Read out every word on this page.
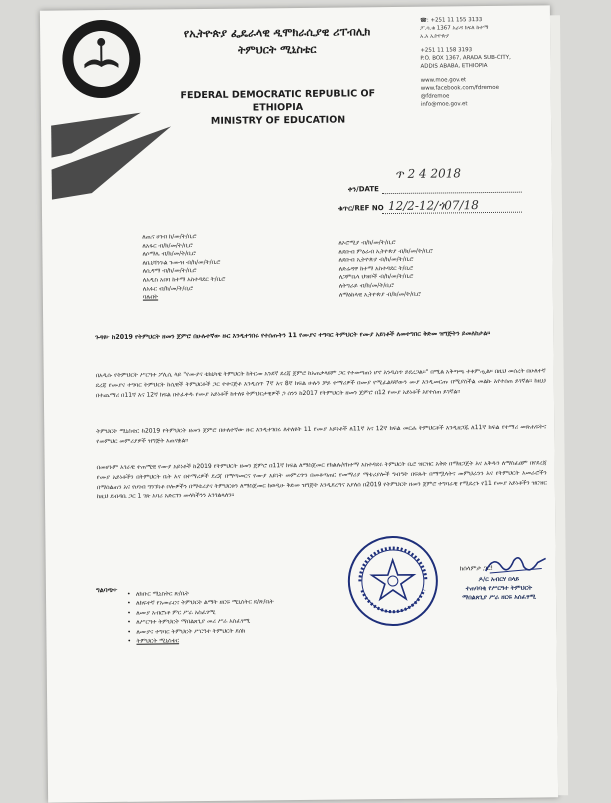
የኢትዮጵያ ፌዴራላዊ ዲሞክራሲያዊ ሪፐብሊክ
ትምህርት ሚኒስቴር
FEDERAL DEMOCRATIC REPUBLIC OF ETHIOPIA
MINISTRY OF EDUCATION
☎: +251 11 155 3133
ፖ.ሳ.ቁ 1367 አራዳ ክፍለ ከተማ
አ.አ ኢትዮጵያ
+251 11 158 3193
P.O. BOX 1367, ARADA SUB-CITY,
ADDIS ABABA, ETHIOPIA
www.moe.gov.et
www.facebook.com/fdremoe
@fdremoe
info@moe.gov.et
ጥ 2 4 2018
ቀን/DATE
12/2-12/ጎ07/18
ቁጥር/REF NO
ለጤና ሀገብ ከ/መ/ት/ቢሮ
ለአፋር ብ/ክ/መ/ት/ቢሮ
ለሶማሌ ብ/ክ/መ/ት/ቢሮ
ለቤኒሻንጉል ጉሙዝ ብ/ክ/መ/ት/ቢሮ
ለሲዳማ ብ/ክ/መ/ት/ቢሮ
ለአዲስ አበባ ከተማ አስተዳደር ት/ቢሮ
ለአፋር ብ/ክ/መ/ት/ቢሮ
ባሉበት
ለኦሮሚያ ብ/ክ/መ/ት/ቢሮ
ለደቡብ ምዕራብ ኢትዮጵያ ብ/ክ/መ/ት/ቢሮ
ለደቡብ ኢትዮጵያ ብ/ክ/መ/ት/ቢሮ
ለድሬዳዋ ከተማ አስተዳደር ት/ቢሮ
ለጋምቤላ ህዝቦች ብ/ክ/መ/ት/ቢሮ
ለትግራይ ብ/ክ/መ/ት/ቢሮ
ለማዕከላዊ ኢትዮጵያ ብ/ክ/መ/ት/ቢሮ
ጉዳዩ፦ ከ2019 የትምህርት ዘመን ጀምሮ በሁሉተኛው ዙር እንዲተገበሩ የተሰጡትን 11 የሙያና ተግባር ትምህርት የሙያ አይነቶች ለመተግበር ቅድመ ዝግጅትን ይመለከታል።
በአዲሱ የትምህርት ሥርዓተ ፖሊሲ ላይ "የሙያና ቴክኒካዊ ትምህርት ከትርመ አንደኛ ደረጃ ጀምሮ ከአጠቃላዩም ጋር የተመጣጠነ ሆኖ እንዲሰጥ ይደረጋል።" በሚል አቅጣጫ ተቀምጧል። በዚህ መሰረት በሁለተኛ ደረጃ የሙያና ተግባር ትምህርት ከሲዊች ትምህርቶች ጋር ተቀናጅቶ እንዲሰጥ 7ኛ እና 8ኛ ክፍል ሁሉን ቻይ ተማሪዎች በሙያ የሚፈልጓቸውን ሙያ እንዲመርጡ በሚያስችል መልኩ እየተሰጠ ይገኛል። ከዚህ በተጨማሪ በ11ኛ እና 12ኛ ክፍል በተፈቀዱ የሙያ አይነቶች ከተለዩ ትምህርታዊዎች ጋ ሰንን ከ2017 የትምህርት ዘመን ጀምሮ በ12 የሙያ አይነቶች እየተሰጠ ይገኛል።
ትምህርት ሚኒስቴር ከ2019 የትምህርት ዘመን ጀምሮ በሁለተኛው ዙር እንዲተገበሩ ለተለዩት 11 የሙያ አይነቶች ለ11ኛ እና 12ኛ ክፍል መርሐ ትምህርቶች እንዲዘጋጁ ለ11ኛ ክፍል የተማሪ መጽሐፍትና የመምህር መምሪያዎች ዝግጅት አጠናቋል።
በመሆኑም አገራዊ ተጠሚዊ የሙያ አይነቶች ከ2019 የትምህርት ዘመን ጀምሮ በ11ኛ ክፍል ለማስጀመር የክልሉ/የከተማ አስተዳደሩ ትምህርት ቢሮ ዝርዝር እቅድ በማዘጋጀት እና አቅዱን ለማስፈፀም በየደረጃ የሙያ አይነቶችን በትምህርት ቤት እና በተማሪዎች ደረጃ በማጣመርና የሙያ አይነት መምረጥን በመቆጣጠር የመማሪያ ማቴሪያሎች ግብዓት በፍጹት በማሟላትና መምህራንን እና የትምህርት አመራሮችን በማሰልጠን እና የሀገብ ግንኙነቶ ቦሎዎችን በማቴሪያና ትምህርቱን ለማስጀመር ከወዲሁ ቅድመ ዝግጅት እንዲደረግና እያለሰ በ2019 የትምህርት ዘመን ጀምሮ ተግባራዊ የሚደረጉ የ11 የሙያ አይነቶችን ዝርዝር ከዚህ ደብዳቤ ጋር 1 ገጽ አባሪ አድርገን መላካችንን እንገልጻለን።
ከሰላምታ ጋር!
ዶ/ር አብርሃ በላይ
ተጠባባቂ የሥርዓተ ትምህርት
ማበልጸጊያ ሥራ ዘርፍ አሰፈፃሚ
ግልባጭ፦
•	ለክቡር ሚኒስትር ጽ/ቤት
• ለከፍተኛ የአመራርና ትምህርት ልማት ዘርፍ ሚኒስትር ደ/ጽ/ቤት
• ለሙያ አብሮነቶ ምር ሥራ አስፈፃሚ
• ለሥርዓተ ትምህርት ማበልጸጊያ መሪ ሥራ አስፈፃሚ
• ለሙያና ተግባር ትምህርት ሥርዓተ ትምህርት ደሰክ
• ትምህርት ሚኒስቴር
